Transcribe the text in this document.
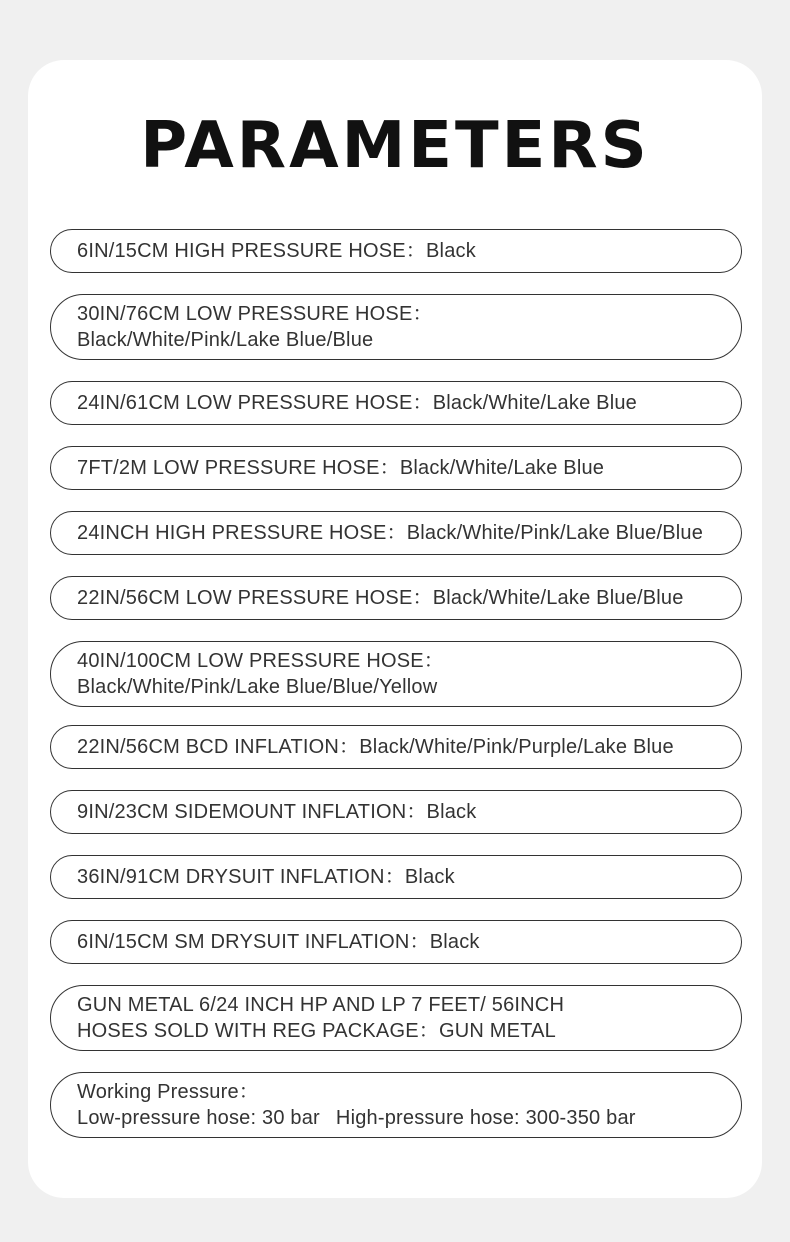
PARAMETERS
6IN/15CM HIGH PRESSURE HOSE：Black
30IN/76CM LOW PRESSURE HOSE：
Black/White/Pink/Lake Blue/Blue
24IN/61CM LOW PRESSURE HOSE：Black/White/Lake Blue
7FT/2M LOW PRESSURE HOSE：Black/White/Lake Blue
24INCH HIGH PRESSURE HOSE：Black/White/Pink/Lake Blue/Blue
22IN/56CM LOW PRESSURE HOSE：Black/White/Lake Blue/Blue
40IN/100CM LOW PRESSURE HOSE：
Black/White/Pink/Lake Blue/Blue/Yellow
22IN/56CM BCD INFLATION：Black/White/Pink/Purple/Lake Blue
9IN/23CM SIDEMOUNT INFLATION：Black
36IN/91CM DRYSUIT INFLATION：Black
6IN/15CM SM DRYSUIT INFLATION：Black
GUN METAL 6/24 INCH HP AND LP 7 FEET/ 56INCH
HOSES SOLD WITH REG PACKAGE：GUN METAL
Working Pressure：
Low-pressure hose: 30 bar High-pressure hose: 300-350 bar
